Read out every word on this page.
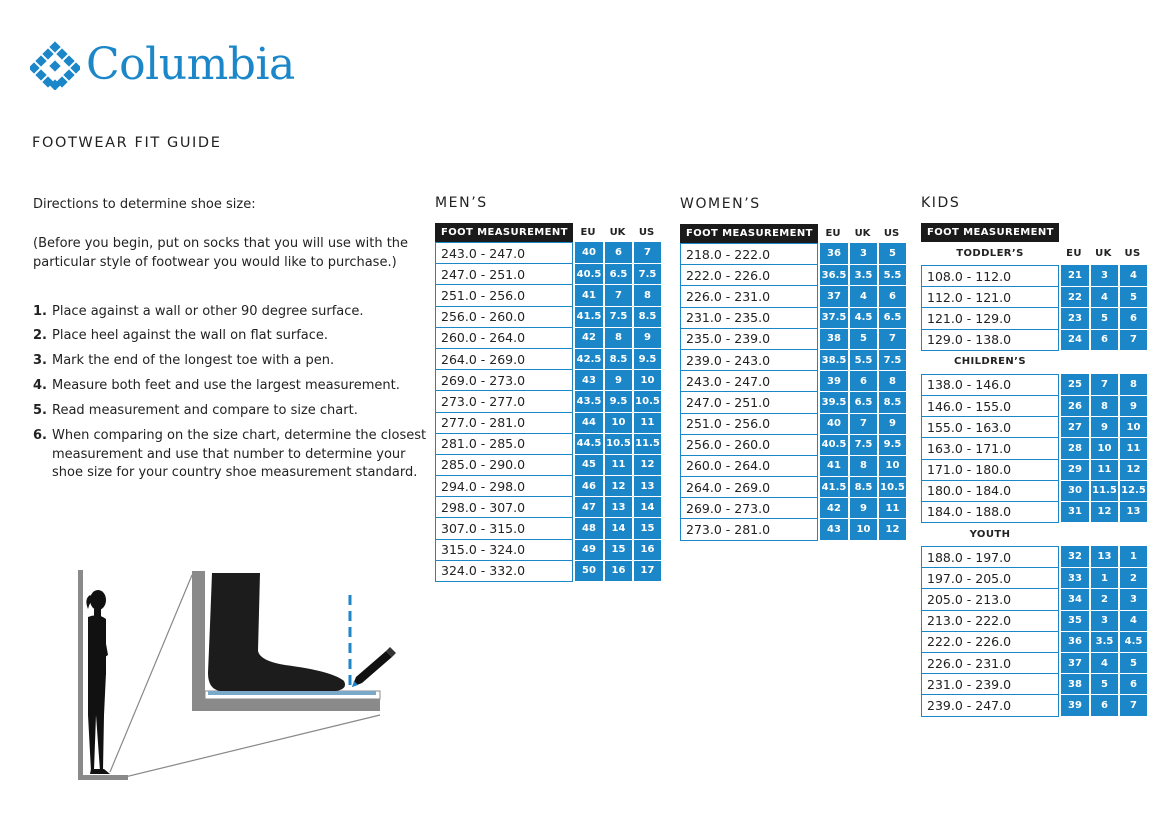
Columbia
FOOTWEAR FIT GUIDE

Directions to determine shoe size:

(Before you begin, put on socks that you will use with the particular style of footwear you would like to purchase.)

1. Place against a wall or other 90 degree surface.
2. Place heel against the wall on flat surface.
3. Mark the end of the longest toe with a pen.
4. Measure both feet and use the largest measurement.
5. Read measurement and compare to size chart.
6. When comparing on the size chart, determine the closest measurement and use that number to determine your shoe size for your country shoe measurement standard.
MEN’S
FOOT MEASUREMENT	EU	UK	US
243.0 - 247.0	40	6	7
247.0 - 251.0	40.5	6.5	7.5
251.0 - 256.0	41	7	8
256.0 - 260.0	41.5	7.5	8.5
260.0 - 264.0	42	8	9
264.0 - 269.0	42.5	8.5	9.5
269.0 - 273.0	43	9	10
273.0 - 277.0	43.5	9.5	10.5
277.0 - 281.0	44	10	11
281.0 - 285.0	44.5	10.5	11.5
285.0 - 290.0	45	11	12
294.0 - 298.0	46	12	13
298.0 - 307.0	47	13	14
307.0 - 315.0	48	14	15
315.0 - 324.0	49	15	16
324.0 - 332.0	50	16	17
WOMEN’S
FOOT MEASUREMENT	EU	UK	US
218.0 - 222.0	36	3	5
222.0 - 226.0	36.5	3.5	5.5
226.0 - 231.0	37	4	6
231.0 - 235.0	37.5	4.5	6.5
235.0 - 239.0	38	5	7
239.0 - 243.0	38.5	5.5	7.5
243.0 - 247.0	39	6	8
247.0 - 251.0	39.5	6.5	8.5
251.0 - 256.0	40	7	9
256.0 - 260.0	40.5	7.5	9.5
260.0 - 264.0	41	8	10
264.0 - 269.0	41.5	8.5	10.5
269.0 - 273.0	42	9	11
273.0 - 281.0	43	10	12
KIDS
FOOT MEASUREMENT			
TODDLER’S	EU	UK	US
108.0 - 112.0	21	3	4
112.0 - 121.0	22	4	5
121.0 - 129.0	23	5	6
129.0 - 138.0	24	6	7
CHILDREN’S			
138.0 - 146.0	25	7	8
146.0 - 155.0	26	8	9
155.0 - 163.0	27	9	10
163.0 - 171.0	28	10	11
171.0 - 180.0	29	11	12
180.0 - 184.0	30	11.5	12.5
184.0 - 188.0	31	12	13
YOUTH			
188.0 - 197.0	32	13	1
197.0 - 205.0	33	1	2
205.0 - 213.0	34	2	3
213.0 - 222.0	35	3	4
222.0 - 226.0	36	3.5	4.5
226.0 - 231.0	37	4	5
231.0 - 239.0	38	5	6
239.0 - 247.0	39	6	7
